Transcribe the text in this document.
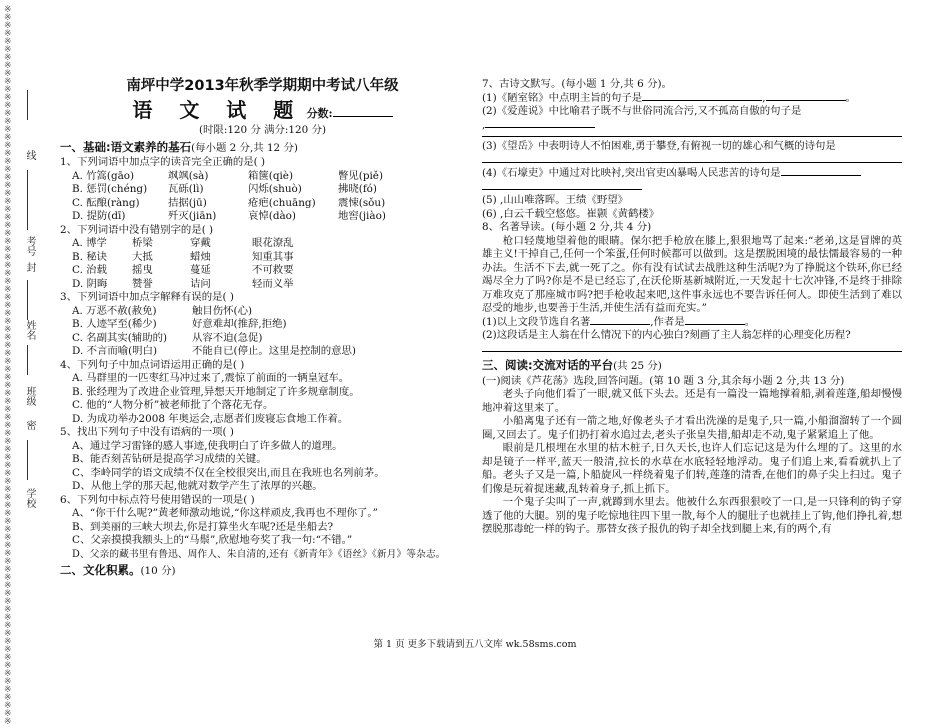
※※※※※※※※※※※※※※※※※※※※※※※※※※※※※※※※※※※※※※※※※※※※※※※※※※※※※※※※※※※※※※※※※※※※※※※※※※※※※※※※※※※※※※※※※※
线
考号
封
姓名
班级
密
学校

南坪中学2013年秋季学期期中考试八年级

语 文 试 题 分数:

(时限:120 分 满分:120 分)

一、基础:语文素养的基石(每小题 2 分,共 12 分)

1、下列词语中加点字的读音完全正确的是( )

A. 竹篙(gāo)	飒飒(sà)	箱箧(qiè)	瞥见(piě)
B. 惩罚(chéng)	瓦砾(lì)	闪烁(shuò)	拂晓(fó)
C. 酝酿(ràng)	拮据(jū)	疮疤(chuāng)	震悚(sǒu)
D. 提防(dī)	歼灭(jiān)	哀悼(dào)	地窖(jiào)

2、下列词语中没有错别字的是( )

A. 博学	桥梁	穿戴	眼花潦乱
B. 秘诀	大抵	蜡烛	知重其事
C. 治载	摇曳	蔓延	不可救要
D. 阴晦	赞誉	诘问	轻而义举

3、下列词语中加点字解释有误的是( )

A. 万恶不赦(赦免)	触目伤怀(心)
B. 人迹罕至(稀少)	好意难却(推辞,拒绝)
C. 名副其实(辅助的)	从容不迫(急促)
D. 不言而喻(明白)	不能自已(停止。这里是控制的意思)

4、下列句子中加点词语运用正确的是( )

A. 马群里的一匹枣红马冲过来了,震惊了前面的一辆皇冠车。

B. 张经理为了改进企业管理,异想天开地制定了许多规章制度。

C. 他的“人物分析”被老师批了个落花无存。

D. 为成功举办2008 年奥运会,志愿者们废寝忘食地工作着。

5、找出下列句子中没有语病的一项( )

A、通过学习雷锋的感人事迹,使我明白了许多做人的道理。

B、能否刻苦钻研是提高学习成绩的关键。

C、李岭同学的语文成绩不仅在全校很突出,而且在我班也名列前茅。

D、从他上学的那天起,他就对数学产生了浓厚的兴趣。

6、下列句中标点符号使用错误的一项是( )

A、“你干什么呢?”黄老师激动地说,“你这样顽皮,我再也不理你了。”

B、到美丽的三峡大坝去,你是打算坐火车呢?还是坐船去?

C、父亲摸摸我额头上的“马鬃”,欣慰地夸奖了我一句:“不错。”

D、父亲的藏书里有鲁迅、周作人、朱自清的,还有《新青年》《语丝》《新月》等杂志。

二、文化积累。(10 分)

7、古诗文默写。(每小题 1 分,共 6 分)。

(1)《陋室铭》中点明主旨的句子是	,	。

(2)《爱莲说》中比喻君子既不与世俗同流合污,又不孤高自傲的句子是

,

(3)《望岳》中表明诗人不怕困难,勇于攀登,有俯视一切的雄心和气概的诗句是

(4)《石壕吏》中通过对比映衬,突出官吏凶暴喝人民悲苦的诗句是

(5) ,山山唯落晖。王绩《野望》

(6) ,白云千载空悠悠。崔颢《黄鹤楼》

8、名著导读。(每小题 2 分,共 4 分)

枪口轻蔑地望着他的眼睛。保尔把手枪放在膝上,狠狠地骂了起来:“老弟,这是冒牌的英雄主义!干掉自己,任何一个笨蛋,任何时候都可以做到。这是摆脱困境的最怯懦最容易的一种办法。生活不下去,就一死了之。你有没有试试去战胜这种生活呢?为了挣脱这个铁环,你已经竭尽全力了吗?你是不是已经忘了,在沃伦斯基新城附近,一天发起十七次冲锋,不是终于排除万难攻克了那座城市吗?把手枪收起来吧,这件事永远也不要告诉任何人。即使生活到了难以忍受的地步,也要善于生活,并使生活有益而充实。”

(1)以上文段节选自名著	,作者是	。

(2)这段话是主人翁在什么情况下的内心独白?刻画了主人翁怎样的心理变化历程?

三、阅读:交流对话的平台(共 25 分)

(一)阅读《芦花荡》选段,回答问题。(第 10 题 3 分,其余每小题 2 分,共 13 分)

老头子向他们看了一眼,就又低下头去。还是有一篇没一篇地撑着船,剥着莲蓬,船却慢慢地冲着这里来了。

小船离鬼子还有一箭之地,好像老头子才看出洗澡的是鬼子,只一篇,小船溜溜转了一个圆圈,又回去了。鬼子们扔打着水追过去,老头子张皇失措,船却走不动,鬼子紧紧追上了他。

眼前是几根埋在水里的枯木桩子,日久天长,也许人们忘记这是为什么埋的了。这里的水却是镜子一样平,蓝天一般清,拉长的水草在水底轻轻地浮动。鬼子们追上来,看看就扒上了船。老头子又是一篇,卜船旋风一样绕着鬼子们转,莲蓬的清香,在他们的鼻子尖上扫过。鬼子们像是玩着捉迷藏,乱转着身子,抓上抓下。

一个鬼子尖叫了一声,就蹲到水里去。他被什么东西狠狠咬了一口,是一只锋利的钩子穿透了他的大腿。别的鬼子吃惊地往四下里一散,每个人的腿肚子也就挂上了钩,他们挣扎着,想摆脱那毒蛇一样的钩子。那替女孩子报仇的钩子却全找到腿上来,有的两个,有

第 1 页 更多下载请到五八文库 wk.58sms.com
